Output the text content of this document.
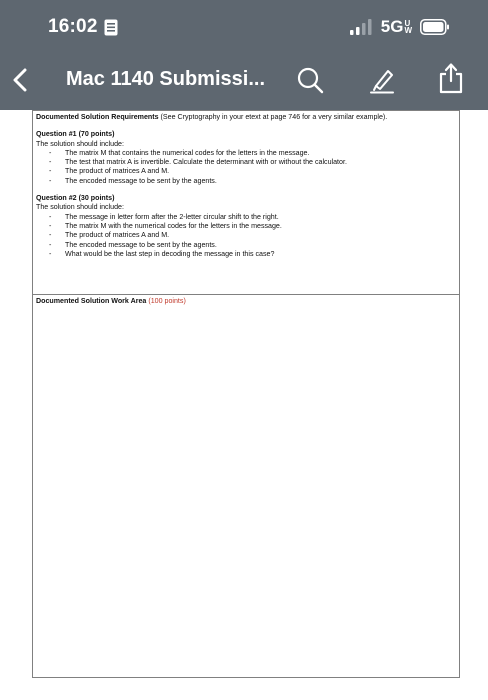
16:02	5G U
W
Mac 1140 Submissi...
Documented Solution Requirements (See Cryptography in your etext at page 746 for a very similar example).
Question #1 (70 points)
The solution should include:
- The matrix M that contains the numerical codes for the letters in the message.
- The test that matrix A is invertible. Calculate the determinant with or without the calculator.
- The product of matrices A and M.
- The encoded message to be sent by the agents.
Question #2 (30 points)
The solution should include:
- The message in letter form after the 2-letter circular shift to the right.
- The matrix M with the numerical codes for the letters in the message.
- The product of matrices A and M.
- The encoded message to be sent by the agents.
- What would be the last step in decoding the message in this case?
Documented Solution Work Area (100 points)
